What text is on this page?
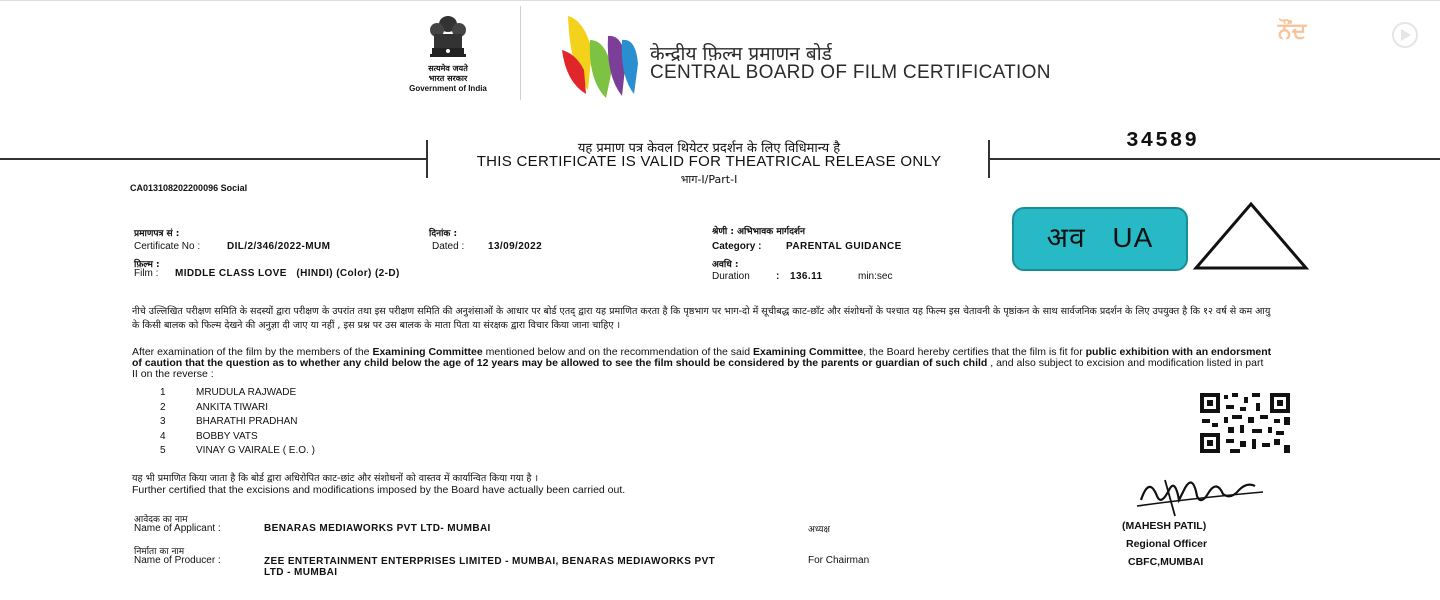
सत्यमेव जयते
भारत सरकार
Government of India
केन्द्रीय फ़िल्म प्रमाणन बोर्ड
CENTRAL BOARD OF FILM CERTIFICATION
ਨੌਂਦ
यह प्रमाण पत्र केवल थियेटर प्रदर्शन के लिए विधिमान्य है
THIS CERTIFICATE IS VALID FOR THEATRICAL RELEASE ONLY
भाग-I/Part-I
34589
CA013108202200096 Social
प्रमाणपत्र सं :
Certificate No :	DIL/2/346/2022-MUM
दिनांक :
Dated : 13/09/2022
श्रेणी : अभिभावक मार्गदर्शन
Category : PARENTAL GUIDANCE
फ़िल्म :
Film : MIDDLE CLASS LOVE   (HINDI) (Color) (2-D)
अवधि :
Duration	: 136.11	min:sec
अव UA
नीचे उल्लिखित परीक्षण समिति के सदस्यों द्वारा परीक्षण के उपरांत तथा इस परीक्षण समिति की अनुशंसाओं के आधार पर बोर्ड एतद् द्वारा यह प्रमाणित करता है कि पृष्ठभाग पर भाग-दो में सूचीबद्ध काट-छाँट और संशोधनों के पश्चात यह फिल्म इस चेतावनी के पृष्ठांकन के साथ सार्वजनिक प्रदर्शन के लिए उपयुक्त है कि १२ वर्ष से कम आयु के किसी बालक को फिल्म देखने की अनुज्ञा दी जाए या नहीं , इस प्रश्न पर उस बालक के माता पिता या संरक्षक द्वारा विचार किया जाना चाहिए ।
After examination of the film by the members of the Examining Committee mentioned below and on the recommendation of the said Examining Committee, the Board hereby certifies that the film is fit for public exhibition with an endorsment of caution that the question as to whether any child below the age of 12 years may be allowed to see the film should be considered by the parents or guardian of such child , and also subject to excision and modification listed in part II on the reverse :
1	MRUDULA RAJWADE
2	ANKITA TIWARI
3	BHARATHI PRADHAN
4	BOBBY VATS
5	VINAY G VAIRALE ( E.O. )
यह भी प्रमाणित किया जाता है कि बोर्ड द्वारा अधिरोपित काट-छांट और संशोधनों को वास्तव में कार्यान्वित किया गया है ।
Further certified that the excisions and modifications imposed by the Board have actually been carried out.
आवेदक का नाम
Name of Applicant :	BENARAS MEDIAWORKS PVT LTD- MUMBAI
निर्माता का नाम
Name of Producer :	ZEE ENTERTAINMENT ENTERPRISES LIMITED - MUMBAI, BENARAS MEDIAWORKS PVT LTD - MUMBAI
अध्यक्ष
For Chairman
(MAHESH PATIL)
Regional Officer
CBFC,MUMBAI
